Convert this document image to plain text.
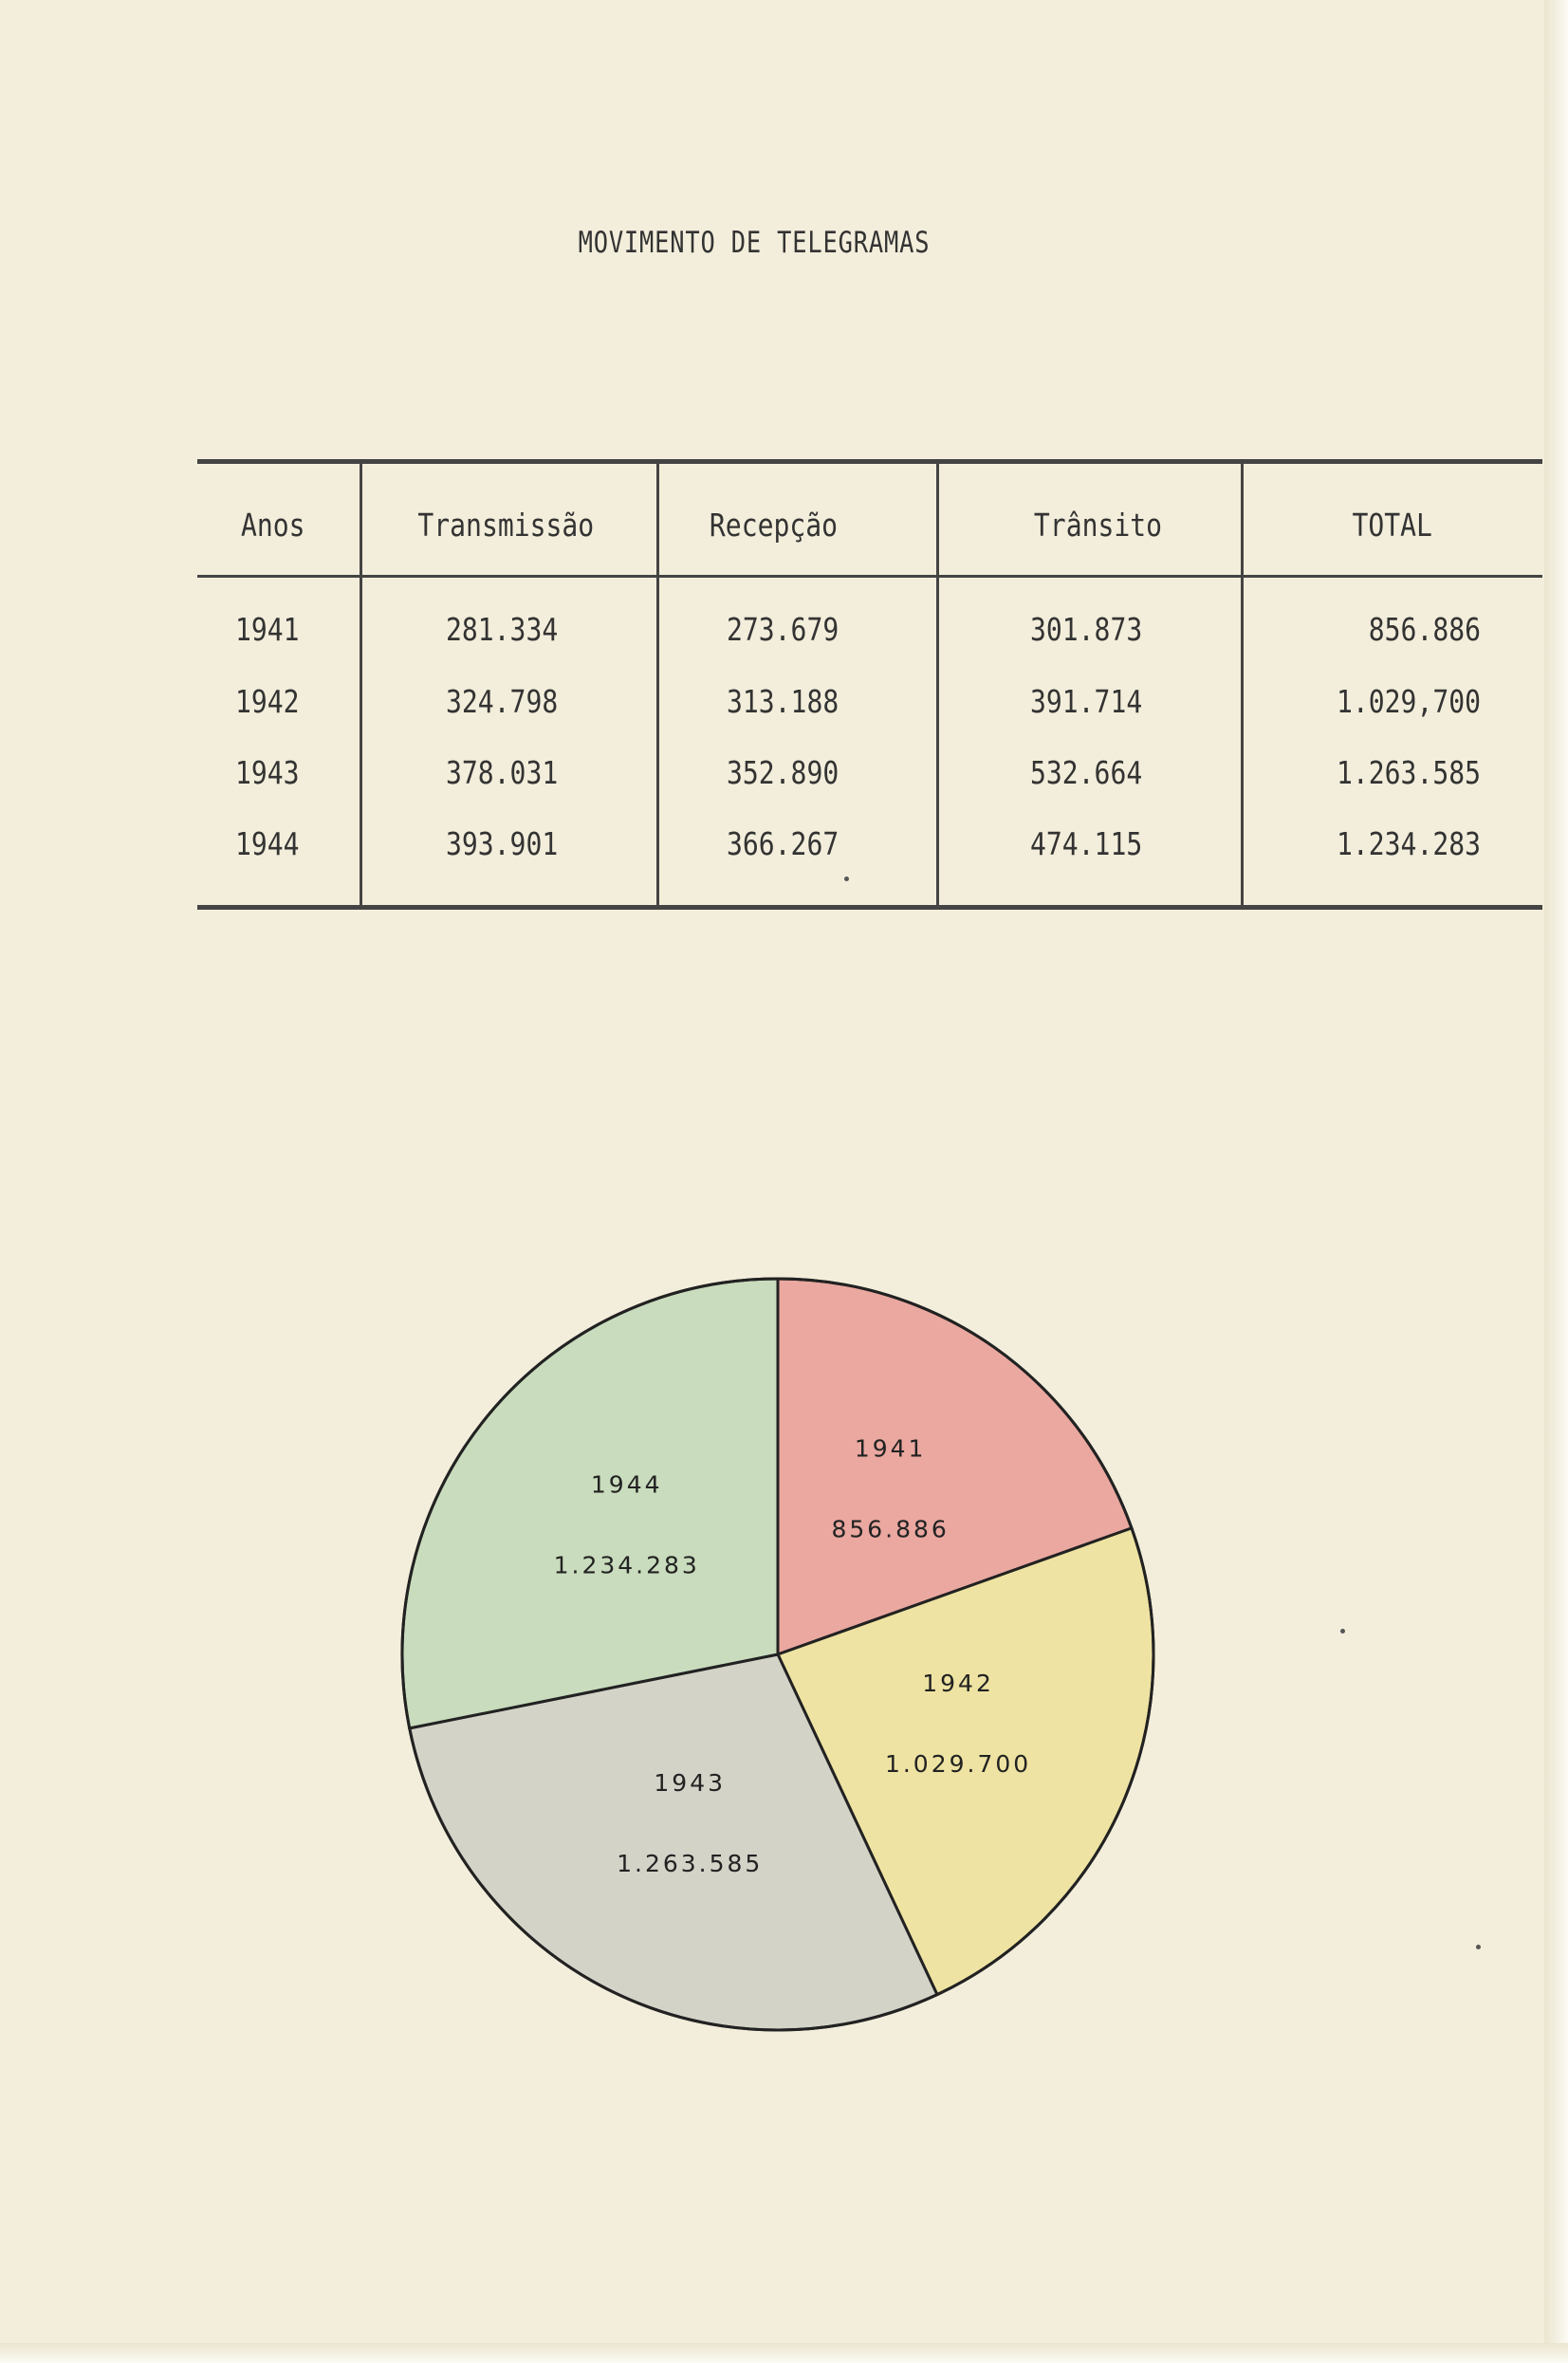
MOVIMENTO DE TELEGRAMAS
Anos	Transmissão	Recepção	Trânsito	TOTAL
1941	281.334	273.679	301.873	856.886
1942	324.798	313.188	391.714	1.029,700
1943	378.031	352.890	532.664	1.263.585
1944	393.901	366.267	474.115	1.234.283
1941
856.886
1942
1.029.700
1943
1.263.585
1944
1.234.283
